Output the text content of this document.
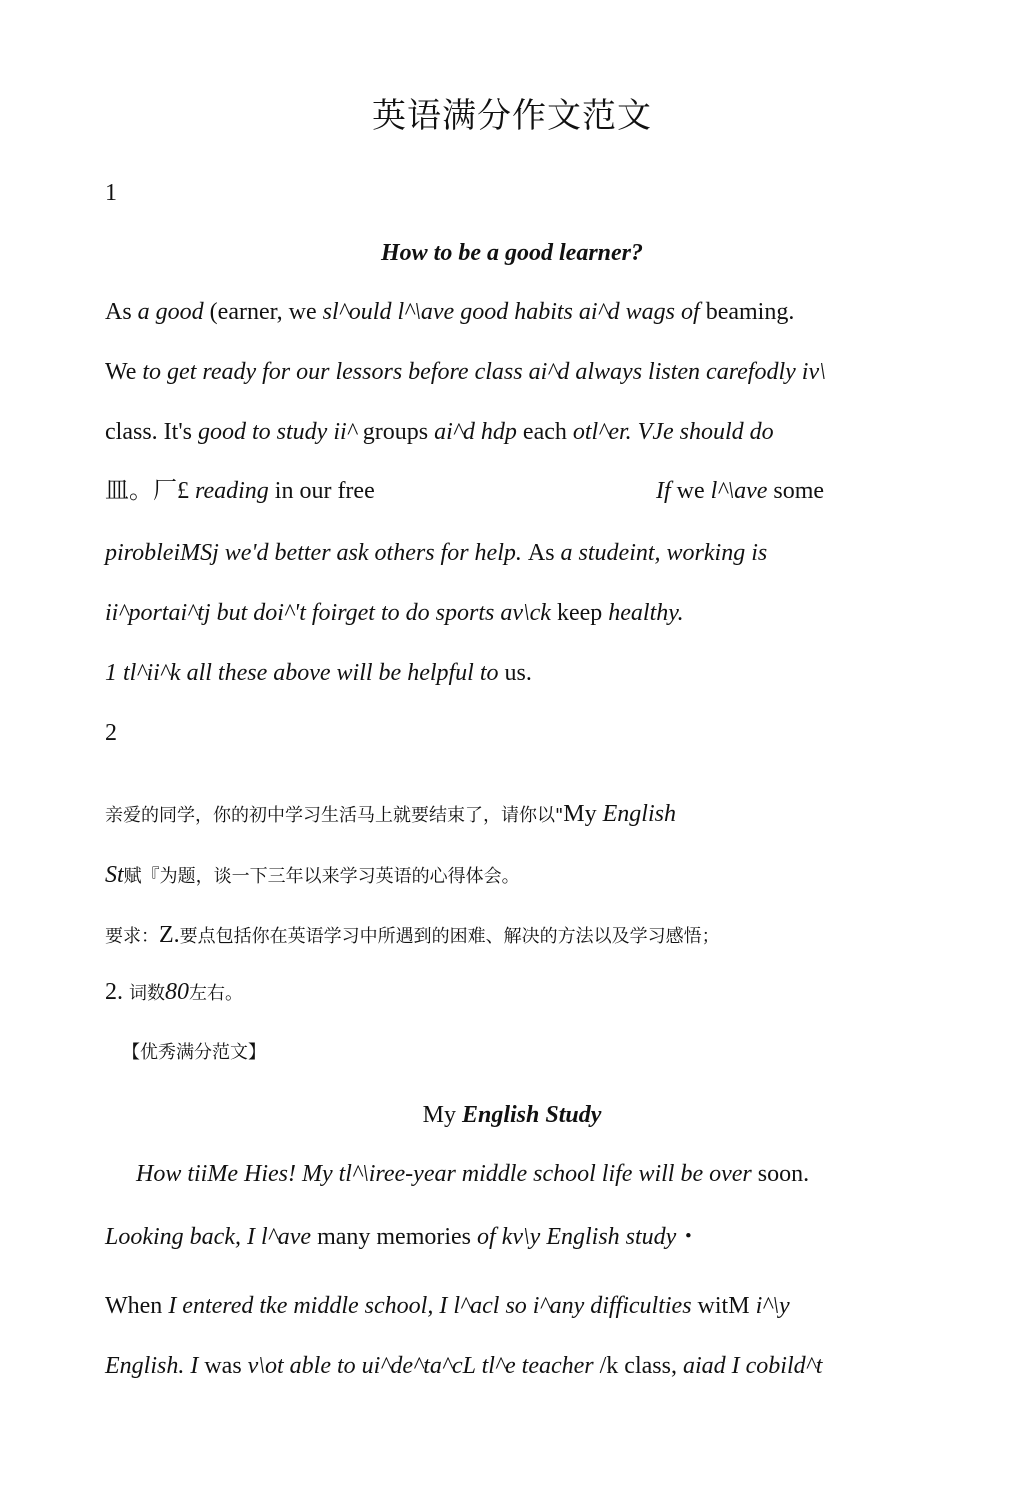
英语满分作文范文
1
How to be a good learner?
As a good (earner, we sl^ould l^\ave good habits ai^d wags of beaming.
We to get ready for our lessors before class ai^d always listen carefodly iv\
class. It's good to study ii^ groups ai^d hdp each otl^er. VJe should do
皿。厂£ reading in our free	If we l^\ave some
pirobleiMSj we'd better ask others for help. As a studeint, working is
ii^portai^tj but doi^'t foirget to do sports av\ck keep healthy.
1 tl^ii^k all these above will be helpful to us.
2
亲爱的同学，你的初中学习生活马上就要结束了，请你以"My English
St赋『为题，谈一下三年以来学习英语的心得体会。
要求：Z.要点包括你在英语学习中所遇到的困难、解决的方法以及学习感悟；
2. 词数80左右。
【优秀满分范文】
My English Study
How tiiMe Hies! My tl^\iree-year middle school life will be over soon.
Looking back, I l^ave many memories of kv\y English study・
When I entered tke middle school, I l^acl so i^any difficulties witM i^\y
English. I was v\ot able to ui^de^ta^cL tl^e teacher /k class, aiad I cobild^t
